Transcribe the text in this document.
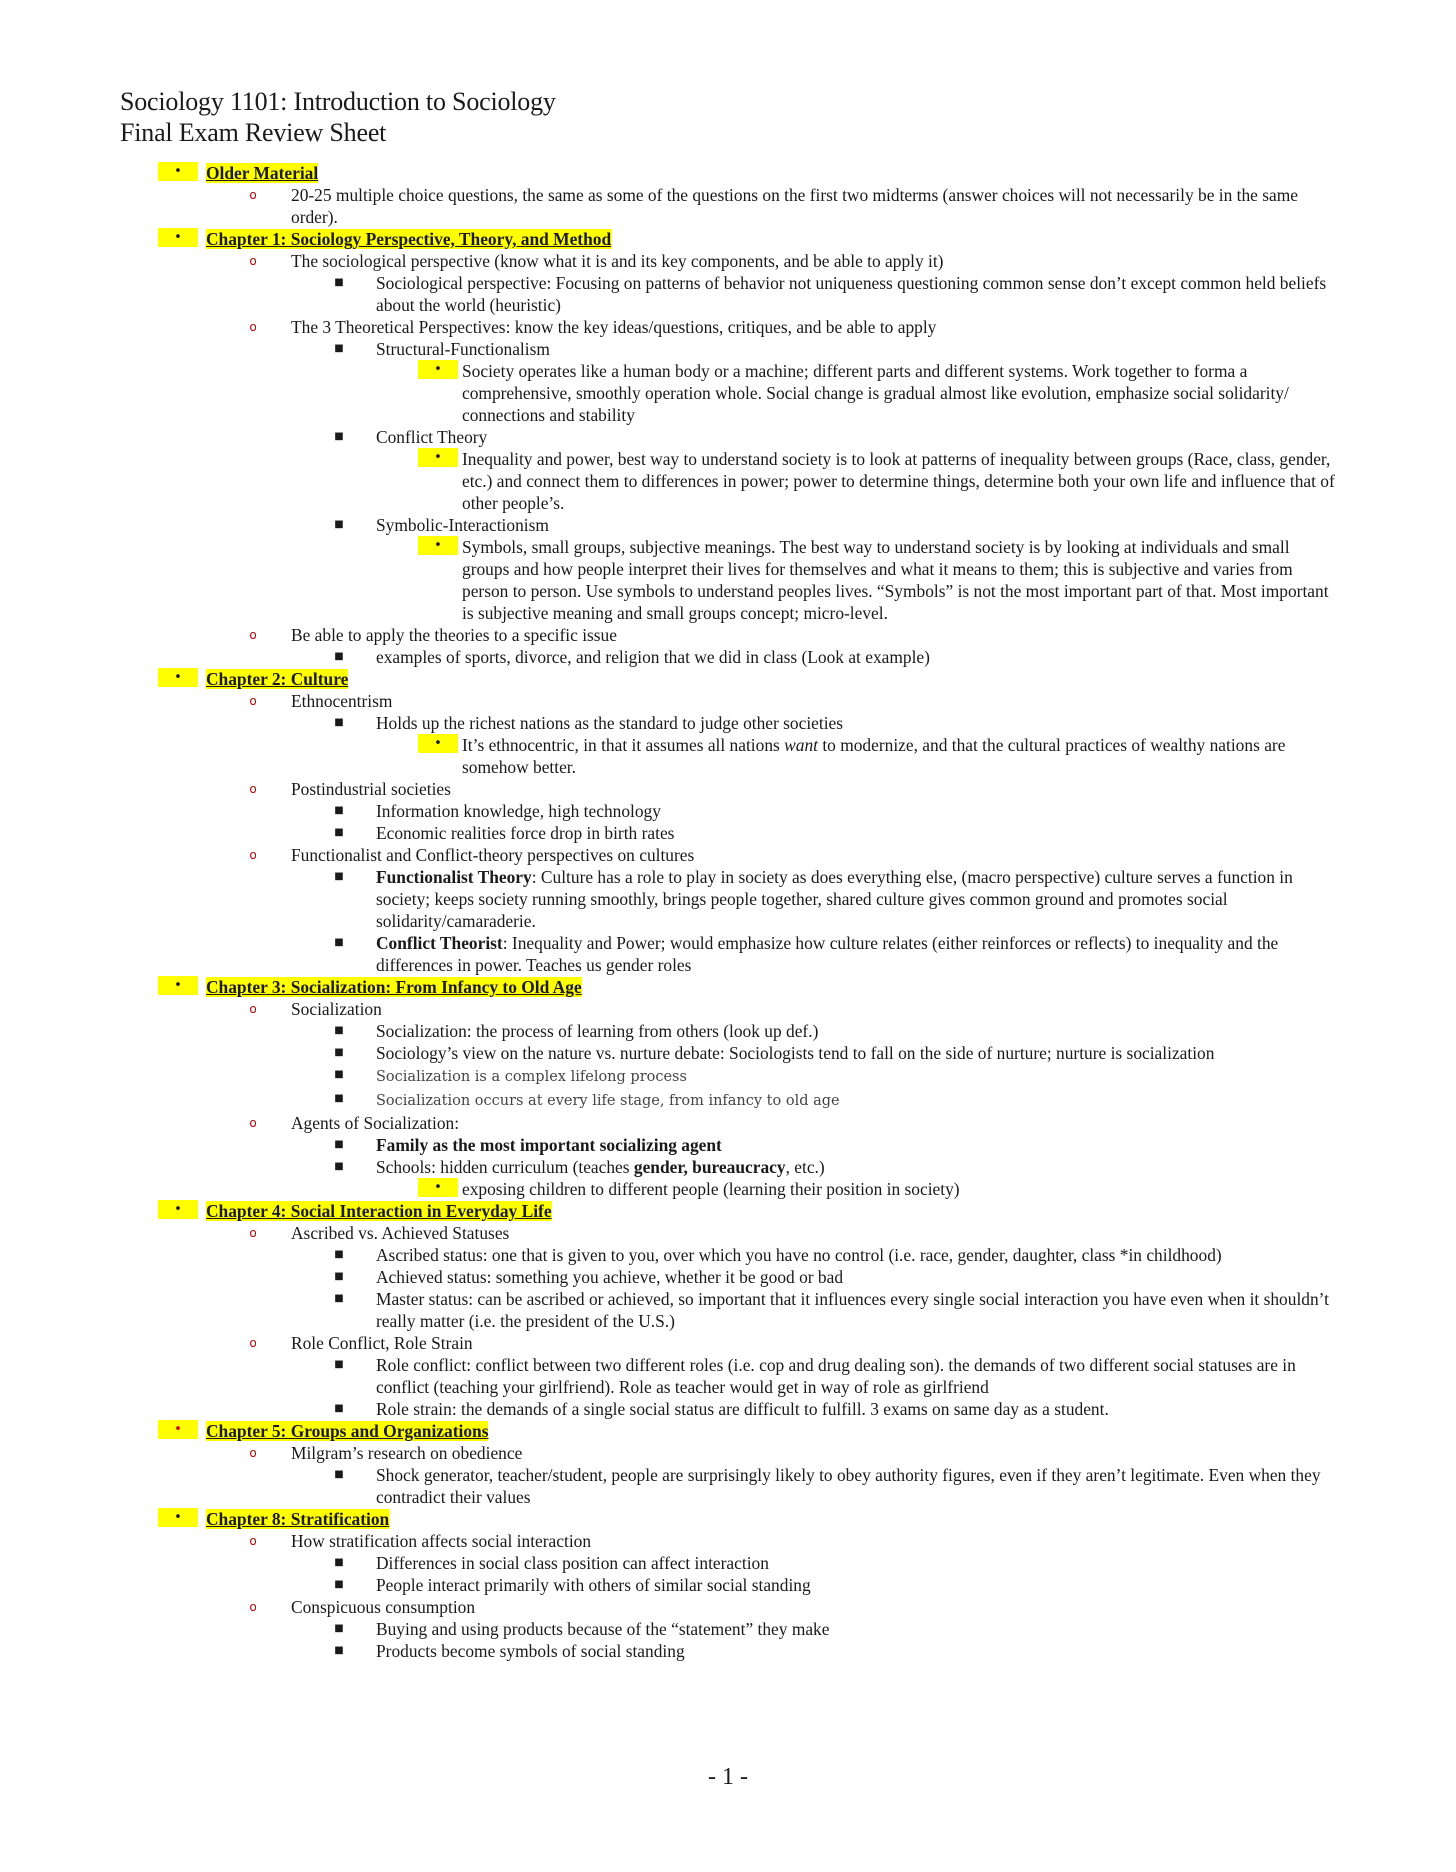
Sociology 1101: Introduction to Sociology
Final Exam Review Sheet
•	Older Material
o 20-25 multiple choice questions, the same as some of the questions on the first two midterms (answer choices will not necessarily be in the same order).
•	Chapter 1: Sociology Perspective, Theory, and Method
o The sociological perspective (know what it is and its key components, and be able to apply it)
■ Sociological perspective: Focusing on patterns of behavior not uniqueness questioning common sense don’t except common held beliefs about the world (heuristic)
o The 3 Theoretical Perspectives: know the key ideas/questions, critiques, and be able to apply
■ Structural-Functionalism
•	Society operates like a human body or a machine; different parts and different systems. Work together to forma a comprehensive, smoothly operation whole. Social change is gradual almost like evolution, emphasize social solidarity/ connections and stability
■ Conflict Theory
•	Inequality and power, best way to understand society is to look at patterns of inequality between groups (Race, class, gender, etc.) and connect them to differences in power; power to determine things, determine both your own life and influence that of other people’s.
■ Symbolic-Interactionism
•	Symbols, small groups, subjective meanings. The best way to understand society is by looking at individuals and small groups and how people interpret their lives for themselves and what it means to them; this is subjective and varies from person to person. Use symbols to understand peoples lives. “Symbols” is not the most important part of that. Most important is subjective meaning and small groups concept; micro-level.
o Be able to apply the theories to a specific issue
■ examples of sports, divorce, and religion that we did in class (Look at example)
•	Chapter 2: Culture
o Ethnocentrism
■ Holds up the richest nations as the standard to judge other societies
•	It’s ethnocentric, in that it assumes all nations want to modernize, and that the cultural practices of wealthy nations are somehow better.
o Postindustrial societies
■ Information knowledge, high technology
■ Economic realities force drop in birth rates
o Functionalist and Conflict-theory perspectives on cultures
■ Functionalist Theory: Culture has a role to play in society as does everything else, (macro perspective) culture serves a function in society; keeps society running smoothly, brings people together, shared culture gives common ground and promotes social solidarity/camaraderie.
■ Conflict Theorist: Inequality and Power; would emphasize how culture relates (either reinforces or reflects) to inequality and the differences in power. Teaches us gender roles
•	Chapter 3: Socialization: From Infancy to Old Age
o Socialization
■ Socialization: the process of learning from others (look up def.)
■ Sociology’s view on the nature vs. nurture debate: Sociologists tend to fall on the side of nurture; nurture is socialization
■ Socialization is a complex lifelong process
■ Socialization occurs at every life stage, from infancy to old age
o Agents of Socialization:
■ Family as the most important socializing agent
■ Schools: hidden curriculum (teaches gender, bureaucracy, etc.)
•	exposing children to different people (learning their position in society)
•	Chapter 4: Social Interaction in Everyday Life
o Ascribed vs. Achieved Statuses
■ Ascribed status: one that is given to you, over which you have no control (i.e. race, gender, daughter, class *in childhood)
■ Achieved status: something you achieve, whether it be good or bad
■ Master status: can be ascribed or achieved, so important that it influences every single social interaction you have even when it shouldn’t really matter (i.e. the president of the U.S.)
o Role Conflict, Role Strain
■ Role conflict: conflict between two different roles (i.e. cop and drug dealing son). the demands of two different social statuses are in conflict (teaching your girlfriend). Role as teacher would get in way of role as girlfriend
■ Role strain: the demands of a single social status are difficult to fulfill. 3 exams on same day as a student.
•	Chapter 5: Groups and Organizations
o Milgram’s research on obedience
■ Shock generator, teacher/student, people are surprisingly likely to obey authority figures, even if they aren’t legitimate. Even when they contradict their values
•	Chapter 8: Stratification
o How stratification affects social interaction
■ Differences in social class position can affect interaction
■ People interact primarily with others of similar social standing
o Conspicuous consumption
■ Buying and using products because of the “statement” they make
■ Products become symbols of social standing
- 1 -
